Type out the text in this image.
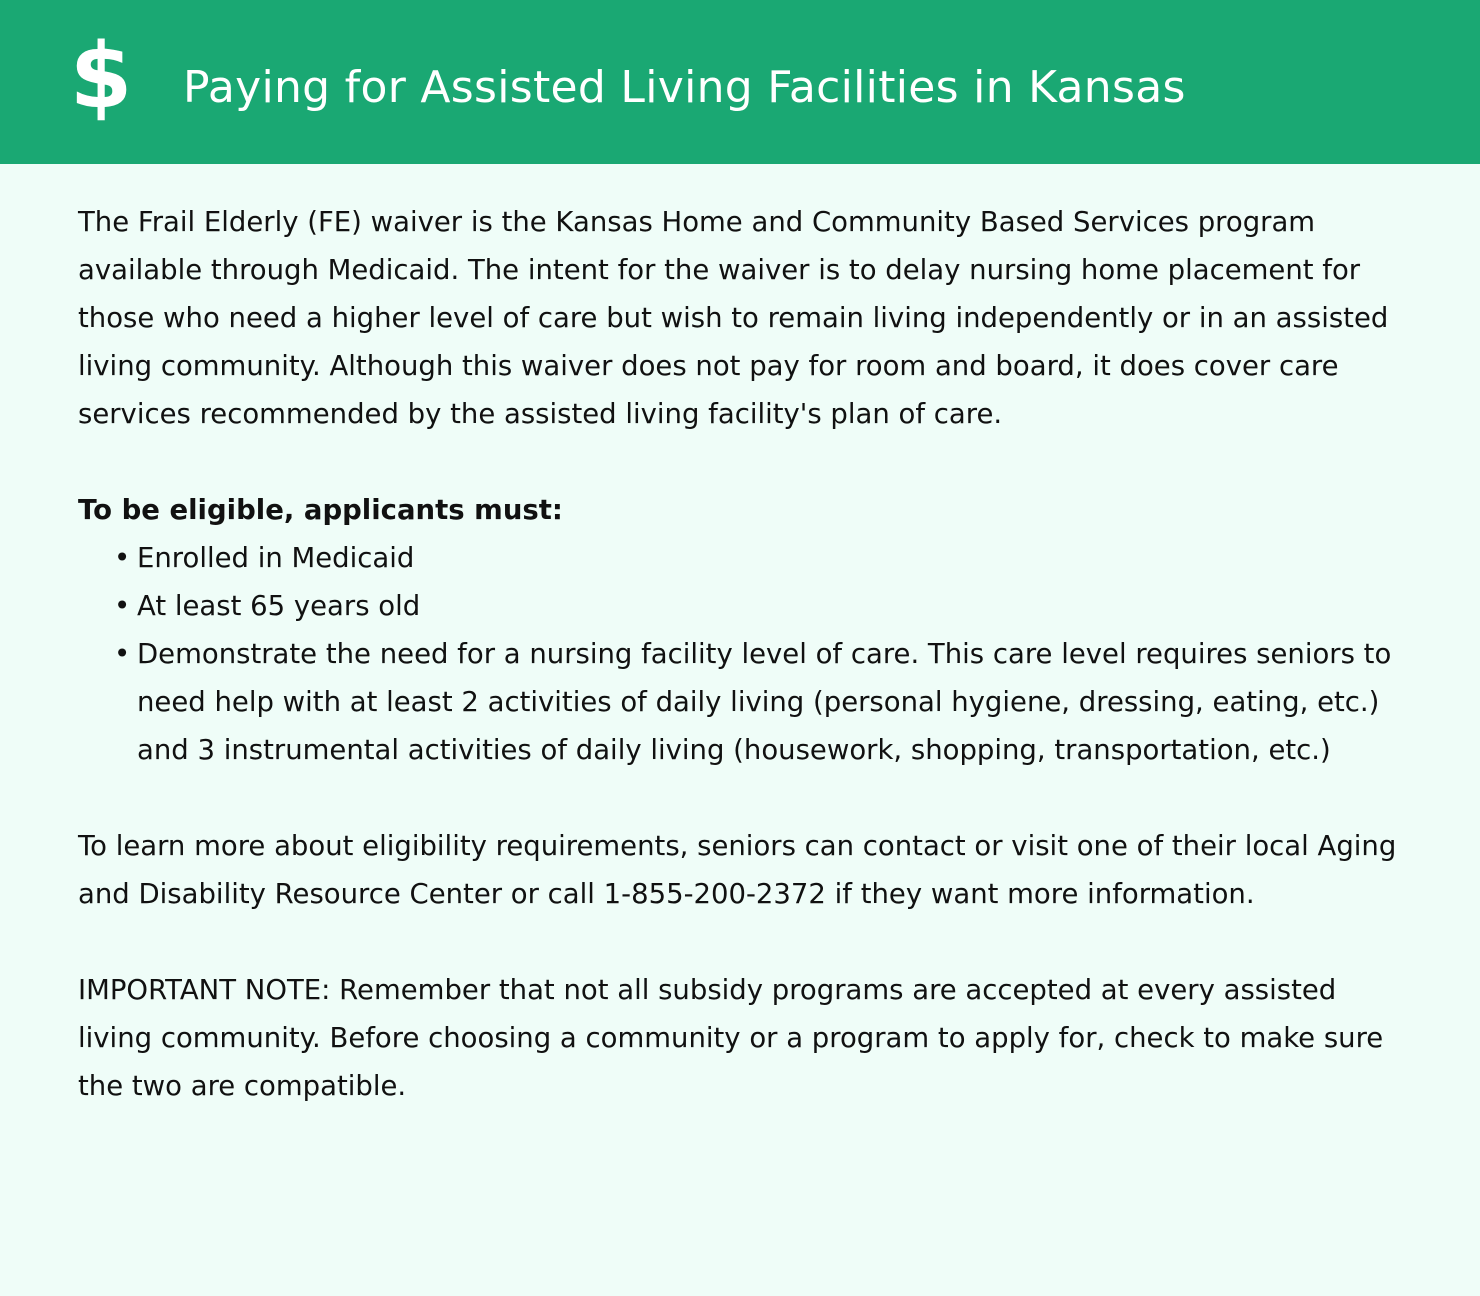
$ Paying for Assisted Living Facilities in Kansas

The Frail Elderly (FE) waiver is the Kansas Home and Community Based Services program available through Medicaid. The intent for the waiver is to delay nursing home placement for those who need a higher level of care but wish to remain living independently or in an assisted living community. Although this waiver does not pay for room and board, it does cover care services recommended by the assisted living facility's plan of care.

To be eligible, applicants must:

• Enrolled in Medicaid
• At least 65 years old
• Demonstrate the need for a nursing facility level of care. This care level requires seniors to need help with at least 2 activities of daily living (personal hygiene, dressing, eating, etc.) and 3 instrumental activities of daily living (housework, shopping, transportation, etc.)

To learn more about eligibility requirements, seniors can contact or visit one of their local Aging and Disability Resource Center or call 1-855-200-2372 if they want more information.

IMPORTANT NOTE: Remember that not all subsidy programs are accepted at every assisted living community. Before choosing a community or a program to apply for, check to make sure the two are compatible.
